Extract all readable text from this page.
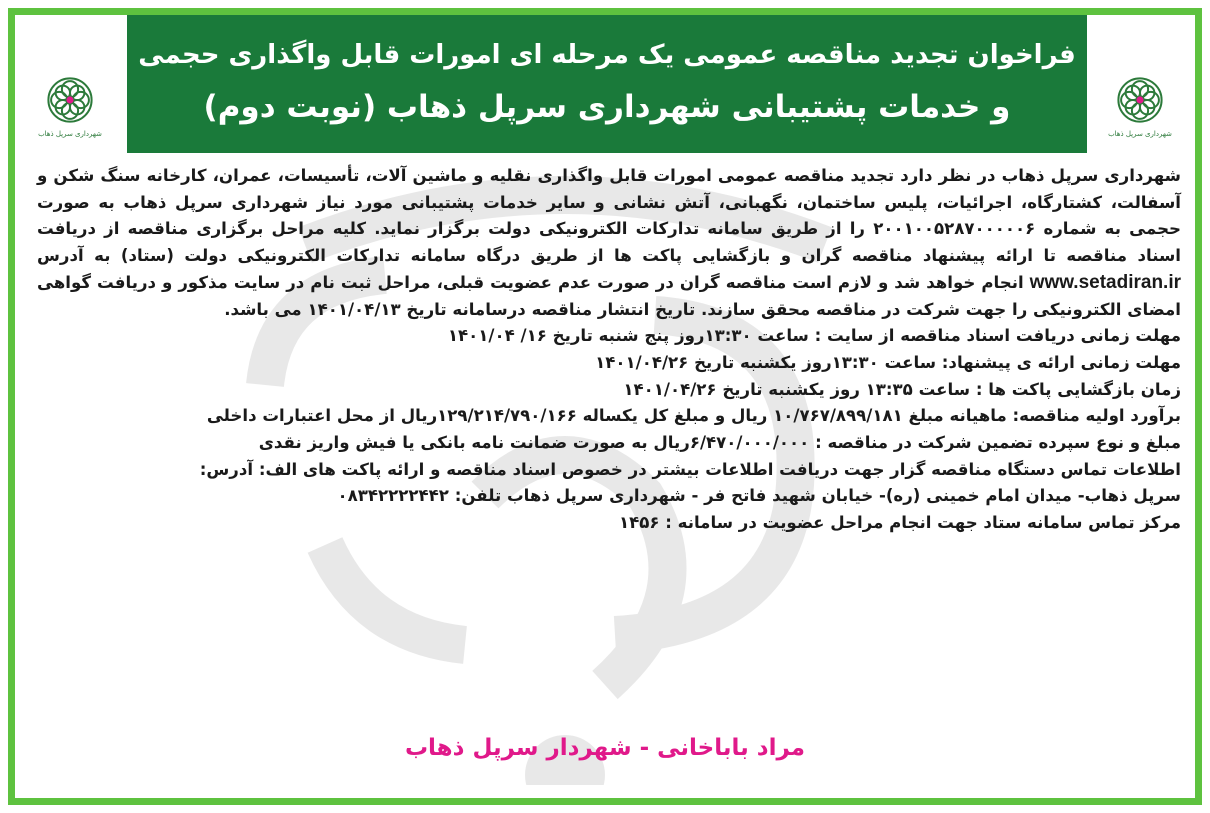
شهرداری سرپل ذهاب	شهرداری سرپل ذهاب
فراخوان تجدید مناقصه عمومی یک مرحله ای امورات قابل واگذاری حجمی
و خدمات پشتیبانی شهرداری سرپل ذهاب (نوبت دوم)

شهرداری سرپل ذهاب در نظر دارد تجدید مناقصه عمومی امورات قابل واگذاری نقلیه و ماشین آلات، تأسیسات، عمران، کارخانه سنگ شکن و آسفالت، کشتارگاه، اجرائیات، پلیس ساختمان، نگهبانی، آتش نشانی و سایر خدمات پشتیبانی مورد نیاز شهرداری سرپل ذهاب به صورت حجمی به شماره ۲۰۰۱۰۰۵۲۸۷۰۰۰۰۰۶ را از طریق سامانه تدارکات الکترونیکی دولت برگزار نماید. کلیه مراحل برگزاری مناقصه از دریافت اسناد مناقصه تا ارائه پیشنهاد مناقصه گران و بازگشایی پاکت ها از طریق درگاه سامانه تدارکات الکترونیکی دولت (ستاد) به آدرس www.setadiran.ir انجام خواهد شد و لازم است مناقصه گران در صورت عدم عضویت قبلی، مراحل ثبت نام در سایت مذکور و دریافت گواهی امضای الکترونیکی را جهت شرکت در مناقصه محقق سازند. تاریخ انتشار مناقصه درسامانه تاریخ ۱۴۰۱/۰۴/۱۳ می باشد.

مهلت زمانی دریافت اسناد مناقصه از سایت : ساعت ۱۳:۳۰روز پنج شنبه تاریخ ۱۶/ ۱۴۰۱/۰۴
مهلت زمانی ارائه ی پیشنهاد: ساعت ۱۳:۳۰روز یکشنبه تاریخ ۱۴۰۱/۰۴/۲۶
زمان بازگشایی پاکت ها : ساعت ۱۳:۳۵ روز یکشنبه تاریخ ۱۴۰۱/۰۴/۲۶
برآورد اولیه مناقصه: ماهیانه مبلغ ۱۰/۷۶۷/۸۹۹/۱۸۱ ریال و مبلغ کل یکساله ۱۲۹/۲۱۴/۷۹۰/۱۶۶ریال از محل اعتبارات داخلی
مبلغ و نوع سپرده تضمین شرکت در مناقصه : ۶/۴۷۰/۰۰۰/۰۰۰ریال به صورت ضمانت نامه بانکی یا فیش واریز نقدی
اطلاعات تماس دستگاه مناقصه گزار جهت دریافت اطلاعات بیشتر در خصوص اسناد مناقصه و ارائه پاکت های الف: آدرس:
سرپل ذهاب- میدان امام خمینی (ره)- خیابان شهید فاتح فر - شهرداری سرپل ذهاب تلفن: ۰۸۳۴۲۲۲۲۴۴۲
مرکز تماس سامانه ستاد جهت انجام مراحل عضویت در سامانه : ۱۴۵۶
مراد باباخانی - شهردار سرپل ذهاب
